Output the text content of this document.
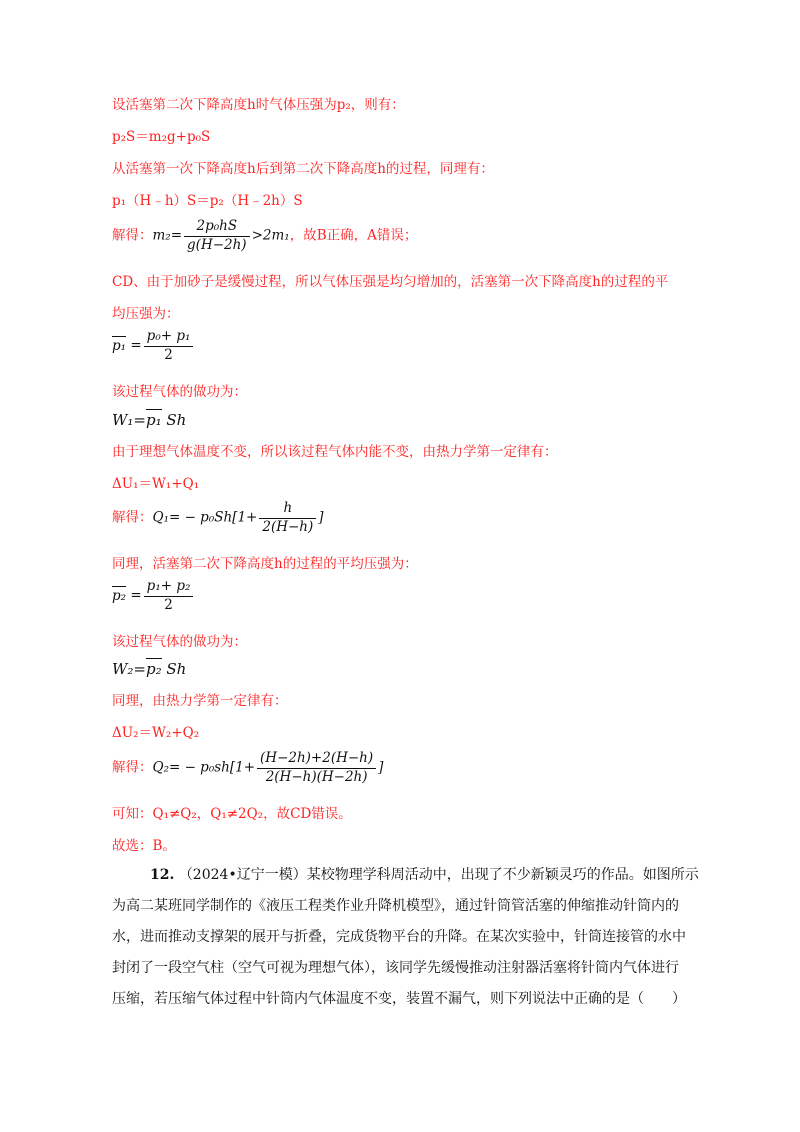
设活塞第二次下降高度h时气体压强为p₂，则有：
p₂S＝m₂g+p₀S
从活塞第一次下降高度h后到第二次下降高度h的过程，同理有：
p₁（H﹣h）S＝p₂（H﹣2h）S
解得：$m_2= \frac{\text{2p₀hS}}{g(H-2h)} >2m_1$，故B正确，A错误；
CD、由于加砂子是缓慢过程，所以气体压强是均匀增加的，活塞第一次下降高度h的过程的平
均压强为：
$p_1 = \frac{\text{p₀+ p₁}}{2}$
该过程气体的做功为：
W₁=p₁ Sh
由于理想气体温度不变，所以该过程气体内能不变，由热力学第一定律有：
ΔU₁＝W₁+Q₁
解得：$Q_1= - p_0Sh[1+ \frac{h}{2(H-h)}$ ]
同理，活塞第二次下降高度h的过程的平均压强为：
$p_2 = \frac{\text{p₁+ p₂}}{2}$
该过程气体的做功为：
W₂=p₂ Sh
同理，由热力学第一定律有：
ΔU₂＝W₂+Q₂
解得：$Q_2= - p_0sh[1+ \frac{(H-2h)+2(H-h)}{2(H-h)(H-2h)}$ ]
可知：Q₁≠Q₂，Q₁≠2Q₂，故CD错误。
故选：B。
12. （2024•辽宁一模）某校物理学科周活动中，出现了不少新颖灵巧的作品。如图所示
为高二某班同学制作的《液压工程类作业升降机模型》，通过针筒管活塞的伸缩推动针筒内的
水，进而推动支撑架的展开与折叠，完成货物平台的升降。在某次实验中，针筒连接管的水中
封闭了一段空气柱（空气可视为理想气体），该同学先缓慢推动注射器活塞将针筒内气体进行
压缩，若压缩气体过程中针筒内气体温度不变，装置不漏气，则下列说法中正确的是（　　）
